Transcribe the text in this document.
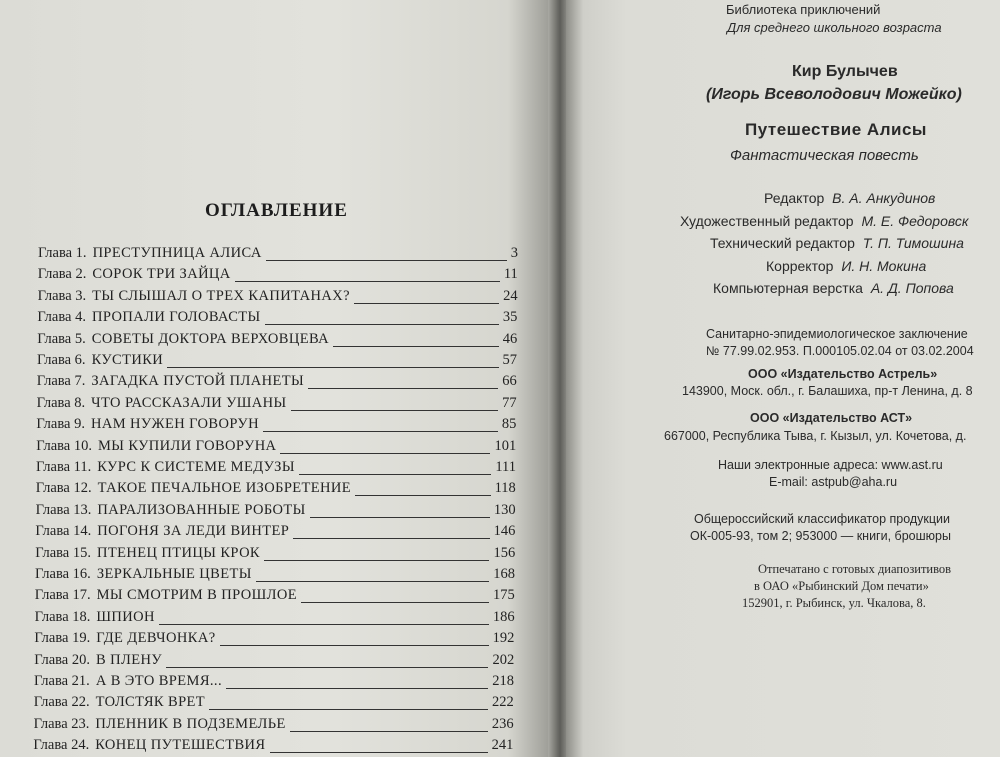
ОГЛАВЛЕНИЕ
Глава 1. ПРЕСТУПНИЦА АЛИСА	3
Глава 2. СОРОК ТРИ ЗАЙЦА	11
Глава 3. ТЫ СЛЫШАЛ О ТРЕХ КАПИТАНАХ?	24
Глава 4. ПРОПАЛИ ГОЛОВАСТЫ	35
Глава 5. СОВЕТЫ ДОКТОРА ВЕРХОВЦЕВА	46
Глава 6. КУСТИКИ	57
Глава 7. ЗАГАДКА ПУСТОЙ ПЛАНЕТЫ	66
Глава 8. ЧТО РАССКАЗАЛИ УШАНЫ	77
Глава 9. НАМ НУЖЕН ГОВОРУН	85
Глава 10. МЫ КУПИЛИ ГОВОРУНА	101
Глава 11. КУРС К СИСТЕМЕ МЕДУЗЫ	111
Глава 12. ТАКОЕ ПЕЧАЛЬНОЕ ИЗОБРЕТЕНИЕ	118
Глава 13. ПАРАЛИЗОВАННЫЕ РОБОТЫ	130
Глава 14. ПОГОНЯ ЗА ЛЕДИ ВИНТЕР	146
Глава 15. ПТЕНЕЦ ПТИЦЫ КРОК	156
Глава 16. ЗЕРКАЛЬНЫЕ ЦВЕТЫ	168
Глава 17. МЫ СМОТРИМ В ПРОШЛОЕ	175
Глава 18. ШПИОН	186
Глава 19. ГДЕ ДЕВЧОНКА?	192
Глава 20. В ПЛЕНУ	202
Глава 21. А В ЭТО ВРЕМЯ...	218
Глава 22. ТОЛСТЯК ВРЕТ	222
Глава 23. ПЛЕННИК В ПОДЗЕМЕЛЬЕ	236
Глава 24. КОНЕЦ ПУТЕШЕСТВИЯ	241
Библиотека приключений
Для среднего школьного возраста
Кир Булычев
(Игорь Всеволодович Можейко)
Путешествие Алисы
Фантастическая повесть
Редактор В. А. Анкудинов
Художественный редактор М. Е. Федоровск
Технический редактор Т. П. Тимошина
Корректор И. Н. Мокина
Компьютерная верстка А. Д. Попова
Санитарно-эпидемиологическое заключение
№ 77.99.02.953. П.000105.02.04 от 03.02.2004
ООО «Издательство Астрель»
143900, Моск. обл., г. Балашиха, пр-т Ленина, д. 8
ООО «Издательство АСТ»
667000, Республика Тыва, г. Кызыл, ул. Кочетова, д.
Наши электронные адреса: www.ast.ru
E-mail: astpub@aha.ru
Общероссийский классификатор продукции
ОК-005-93, том 2; 953000 — книги, брошюры
Отпечатано с готовых диапозитивов
в ОАО «Рыбинский Дом печати»
152901, г. Рыбинск, ул. Чкалова, 8.
